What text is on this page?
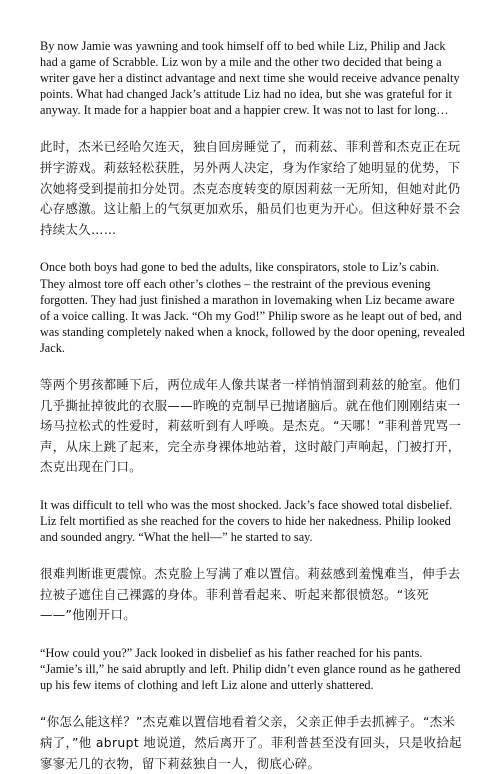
By now Jamie was yawning and took himself off to bed while Liz, Philip and Jack had a game of Scrabble. Liz won by a mile and the other two decided that being a writer gave her a distinct advantage and next time she would receive advance penalty points. What had changed Jack’s attitude Liz had no idea, but she was grateful for it anyway. It made for a happier boat and a happier crew. It was not to last for long…

此时，杰米已经哈欠连天，独自回房睡觉了，而莉兹、菲利普和杰克正在玩拼字游戏。莉兹轻松获胜，另外两人决定，身为作家给了她明显的优势，下次她将受到提前扣分处罚。杰克态度转变的原因莉兹一无所知，但她对此仍心存感激。这让船上的气氛更加欢乐，船员们也更为开心。但这种好景不会持续太久……

Once both boys had gone to bed the adults, like conspirators, stole to Liz’s cabin. They almost tore off each other’s clothes – the restraint of the previous evening forgotten. They had just finished a marathon in lovemaking when Liz became aware of a voice calling. It was Jack. “Oh my God!” Philip swore as he leapt out of bed, and was standing completely naked when a knock, followed by the door opening, revealed Jack.

等两个男孩都睡下后，两位成年人像共谋者一样悄悄溜到莉兹的舱室。他们几乎撕扯掉彼此的衣服——昨晚的克制早已抛诸脑后。就在他们刚刚结束一场马拉松式的性爱时，莉兹听到有人呼唤。是杰克。“天哪！”菲利普咒骂一声，从床上跳了起来，完全赤身裸体地站着，这时敲门声响起，门被打开，杰克出现在门口。

It was difficult to tell who was the most shocked. Jack’s face showed total disbelief. Liz felt mortified as she reached for the covers to hide her nakedness. Philip looked and sounded angry. “What the hell—” he started to say.

很难判断谁更震惊。杰克脸上写满了难以置信。莉兹感到羞愧难当，伸手去拉被子遮住自己裸露的身体。菲利普看起来、听起来都很愤怒。“该死——”他刚开口。

“How could you?” Jack looked in disbelief as his father reached for his pants. “Jamie’s ill,” he said abruptly and left. Philip didn’t even glance round as he gathered up his few items of clothing and left Liz alone and utterly shattered.

“你怎么能这样？”杰克难以置信地看着父亲，父亲正伸手去抓裤子。“杰米病了，”他 abrupt 地说道，然后离开了。菲利普甚至没有回头，只是收拾起寥寥无几的衣物，留下莉兹独自一人，彻底心碎。
